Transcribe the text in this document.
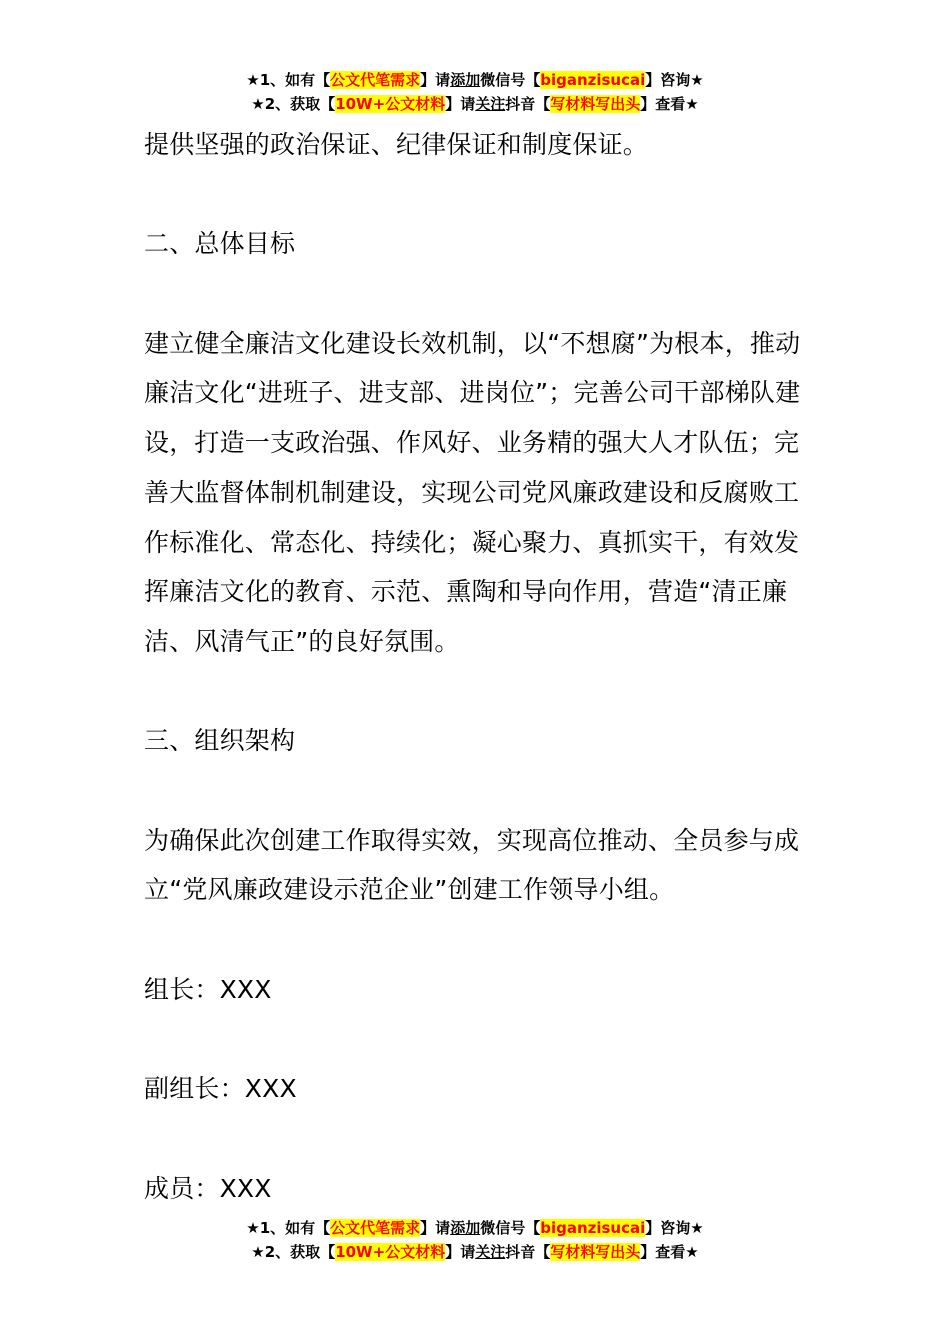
★1、如有【公文代笔需求】请添加微信号【biganzisucai】咨询★
★2、获取【10W+公文材料】请关注抖音【写材料写出头】查看★

提供坚强的政治保证、纪律保证和制度保证。

二、总体目标

建立健全廉洁文化建设长效机制，以“不想腐”为根本，推动廉洁文化“进班子、进支部、进岗位”；完善公司干部梯队建设，打造一支政治强、作风好、业务精的强大人才队伍；完善大监督体制机制建设，实现公司党风廉政建设和反腐败工作标准化、常态化、持续化；凝心聚力、真抓实干，有效发挥廉洁文化的教育、示范、熏陶和导向作用，营造“清正廉洁、风清气正”的良好氛围。

三、组织架构

为确保此次创建工作取得实效，实现高位推动、全员参与成立“党风廉政建设示范企业”创建工作领导小组。

组长：XXX

副组长：XXX

成员：XXX

★1、如有【公文代笔需求】请添加微信号【biganzisucai】咨询★
★2、获取【10W+公文材料】请关注抖音【写材料写出头】查看★
